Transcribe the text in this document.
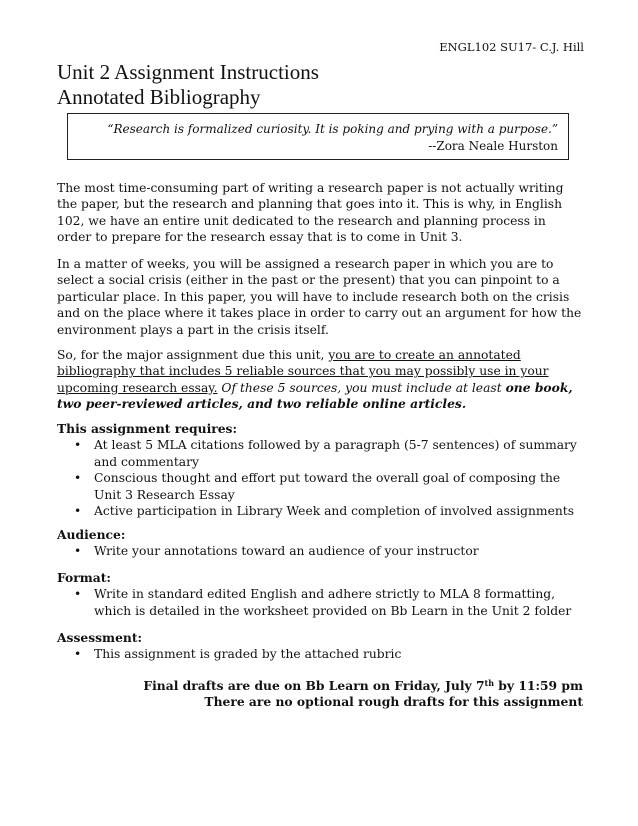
ENGL102 SU17- C.J. Hill
Unit 2 Assignment Instructions
Annotated Bibliography
“Research is formalized curiosity. It is poking and prying with a purpose.”
--Zora Neale Hurston
The most time-consuming part of writing a research paper is not actually writing the paper, but the research and planning that goes into it. This is why, in English 102, we have an entire unit dedicated to the research and planning process in order to prepare for the research essay that is to come in Unit 3.
In a matter of weeks, you will be assigned a research paper in which you are to select a social crisis (either in the past or the present) that you can pinpoint to a particular place. In this paper, you will have to include research both on the crisis and on the place where it takes place in order to carry out an argument for how the environment plays a part in the crisis itself.
So, for the major assignment due this unit, you are to create an annotated bibliography that includes 5 reliable sources that you may possibly use in your upcoming research essay. Of these 5 sources, you must include at least one book, two peer-reviewed articles, and two reliable online articles.
This assignment requires:
• At least 5 MLA citations followed by a paragraph (5-7 sentences) of summary and commentary
• Conscious thought and effort put toward the overall goal of composing the Unit 3 Research Essay
• Active participation in Library Week and completion of involved assignments
Audience:
• Write your annotations toward an audience of your instructor
Format:
• Write in standard edited English and adhere strictly to MLA 8 formatting, which is detailed in the worksheet provided on Bb Learn in the Unit 2 folder
Assessment:
• This assignment is graded by the attached rubric
Final drafts are due on Bb Learn on Friday, July 7th by 11:59 pm
There are no optional rough drafts for this assignment
